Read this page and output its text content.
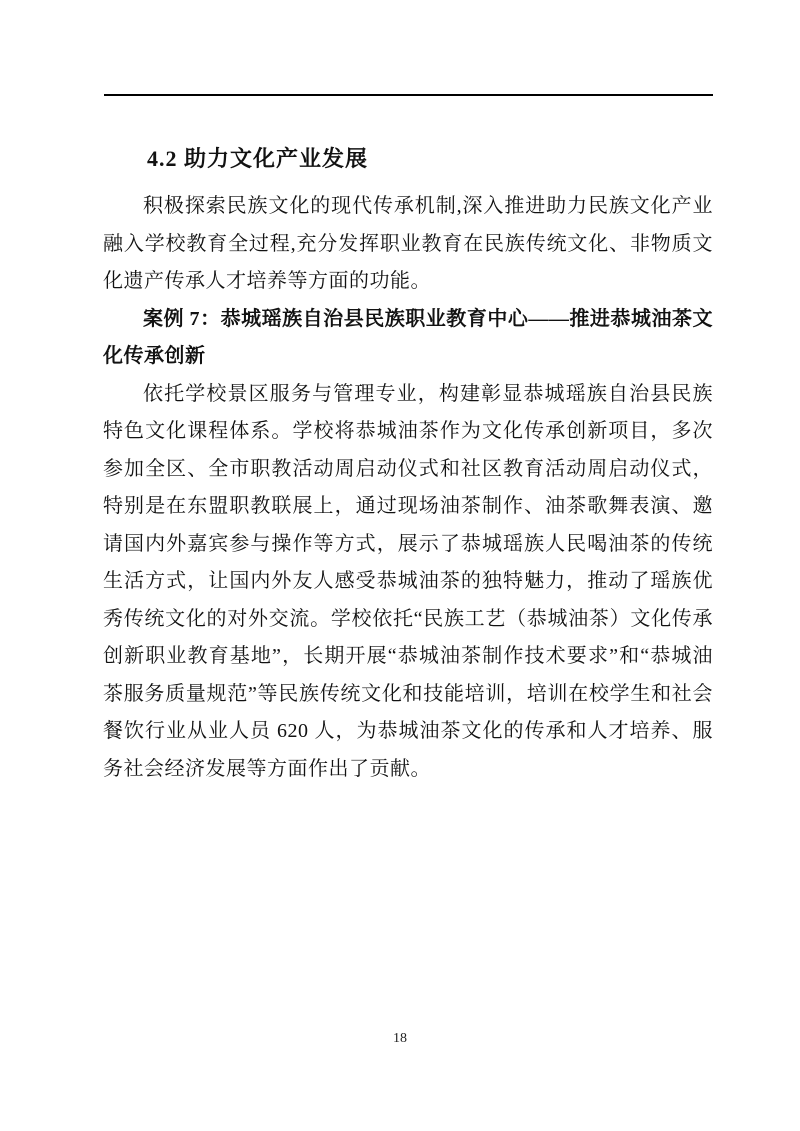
4.2 助力文化产业发展

积极探索民族文化的现代传承机制,深入推进助力民族文化产业融入学校教育全过程,充分发挥职业教育在民族传统文化、非物质文化遗产传承人才培养等方面的功能。

案例 7：恭城瑶族自治县民族职业教育中心——推进恭城油茶文化传承创新

依托学校景区服务与管理专业，构建彰显恭城瑶族自治县民族特色文化课程体系。学校将恭城油茶作为文化传承创新项目，多次参加全区、全市职教活动周启动仪式和社区教育活动周启动仪式，特别是在东盟职教联展上，通过现场油茶制作、油茶歌舞表演、邀请国内外嘉宾参与操作等方式，展示了恭城瑶族人民喝油茶的传统生活方式，让国内外友人感受恭城油茶的独特魅力，推动了瑶族优秀传统文化的对外交流。学校依托“民族工艺（恭城油茶）文化传承创新职业教育基地”，长期开展“恭城油茶制作技术要求”和“恭城油茶服务质量规范”等民族传统文化和技能培训，培训在校学生和社会餐饮行业从业人员 620 人，为恭城油茶文化的传承和人才培养、服务社会经济发展等方面作出了贡献。

18
